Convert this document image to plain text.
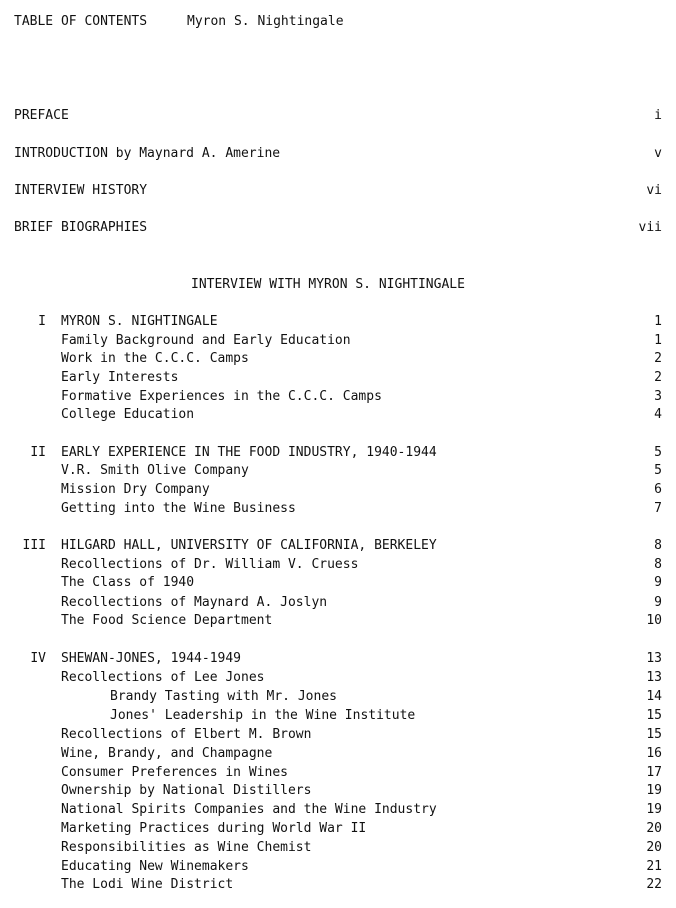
TABLE OF CONTENTS	Myron S. Nightingale
PREFACE	i
INTRODUCTION by Maynard A. Amerine	v
INTERVIEW HISTORY	vi
BRIEF BIOGRAPHIES	vii
INTERVIEW WITH MYRON S. NIGHTINGALE
I MYRON S. NIGHTINGALE	1
Family Background and Early Education	1
Work in the C.C.C. Camps	2
Early Interests	2
Formative Experiences in the C.C.C. Camps	3
College Education	4
II EARLY EXPERIENCE IN THE FOOD INDUSTRY, 1940-1944	5
V.R. Smith Olive Company	5
Mission Dry Company	6
Getting into the Wine Business	7
III HILGARD HALL, UNIVERSITY OF CALIFORNIA, BERKELEY	8
Recollections of Dr. William V. Cruess	8
The Class of 1940	9
Recollections of Maynard A. Joslyn	9
The Food Science Department	10
IV SHEWAN-JONES, 1944-1949	13
Recollections of Lee Jones	13
Brandy Tasting with Mr. Jones	14
Jones' Leadership in the Wine Institute	15
Recollections of Elbert M. Brown	15
Wine, Brandy, and Champagne	16
Consumer Preferences in Wines	17
Ownership by National Distillers	19
National Spirits Companies and the Wine Industry	19
Marketing Practices during World War II	20
Responsibilities as Wine Chemist	20
Educating New Winemakers	21
The Lodi Wine District	22
